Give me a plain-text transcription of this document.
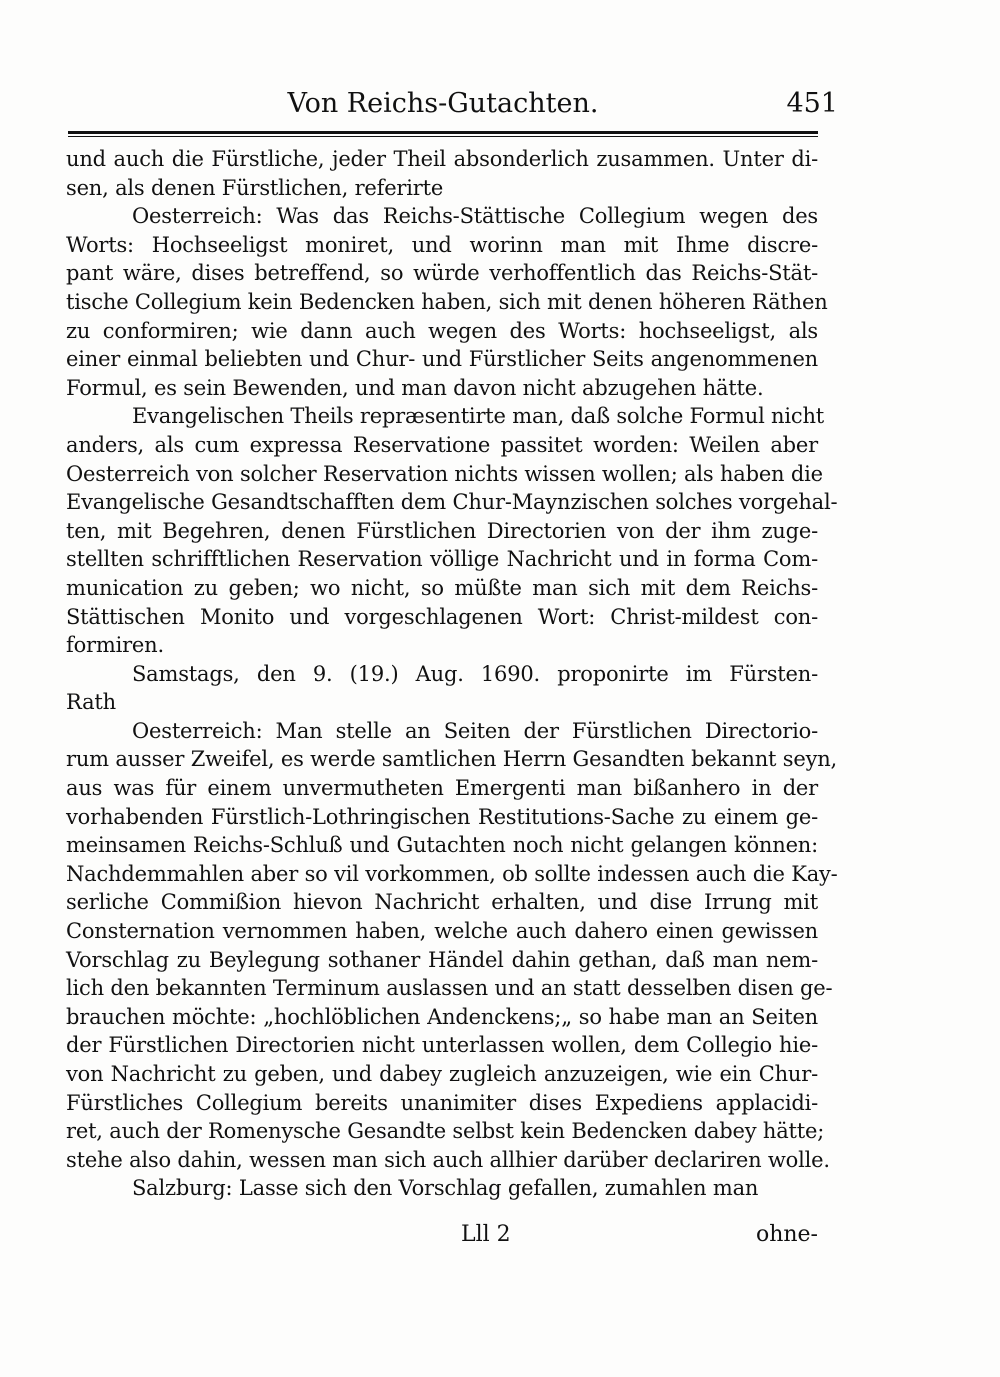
Von Reichs-Gutachten.	451
und auch die Fürstliche, jeder Theil absonderlich zusammen. Unter di-
sen, als denen Fürstlichen, referirte
Oesterreich: Was das Reichs-Stättische Collegium wegen des
Worts: Hochseeligst moniret, und worinn man mit Ihme discre-
pant wäre, dises betreffend, so würde verhoffentlich das Reichs-Stät-
tische Collegium kein Bedencken haben, sich mit denen höheren Räthen
zu conformiren; wie dann auch wegen des Worts: hochseeligst, als
einer einmal beliebten und Chur- und Fürstlicher Seits angenommenen
Formul, es sein Bewenden, und man davon nicht abzugehen hätte.
Evangelischen Theils repræsentirte man, daß solche Formul nicht
anders, als cum expressa Reservatione passitet worden: Weilen aber
Oesterreich von solcher Reservation nichts wissen wollen; als haben die
Evangelische Gesandtschafften dem Chur-Maynzischen solches vorgehal-
ten, mit Begehren, denen Fürstlichen Directorien von der ihm zuge-
stellten schrifftlichen Reservation völlige Nachricht und in forma Com-
munication zu geben; wo nicht, so müßte man sich mit dem Reichs-
Stättischen Monito und vorgeschlagenen Wort: Christ-mildest con-
formiren.
Samstags, den 9. (19.) Aug. 1690. proponirte im Fürsten-
Rath
Oesterreich: Man stelle an Seiten der Fürstlichen Directorio-
rum ausser Zweifel, es werde samtlichen Herrn Gesandten bekannt seyn,
aus was für einem unvermutheten Emergenti man bißanhero in der
vorhabenden Fürstlich-Lothringischen Restitutions-Sache zu einem ge-
meinsamen Reichs-Schluß und Gutachten noch nicht gelangen können:
Nachdemmahlen aber so vil vorkommen, ob sollte indessen auch die Kay-
serliche Commißion hievon Nachricht erhalten, und dise Irrung mit
Consternation vernommen haben, welche auch dahero einen gewissen
Vorschlag zu Beylegung sothaner Händel dahin gethan, daß man nem-
lich den bekannten Terminum auslassen und an statt desselben disen ge-
brauchen möchte: „hochlöblichen Andenckens;„ so habe man an Seiten
der Fürstlichen Directorien nicht unterlassen wollen, dem Collegio hie-
von Nachricht zu geben, und dabey zugleich anzuzeigen, wie ein Chur-
Fürstliches Collegium bereits unanimiter dises Expediens applacidi-
ret, auch der Romenysche Gesandte selbst kein Bedencken dabey hätte;
stehe also dahin, wessen man sich auch allhier darüber declariren wolle.
Salzburg: Lasse sich den Vorschlag gefallen, zumahlen man
Lll 2	ohne-
